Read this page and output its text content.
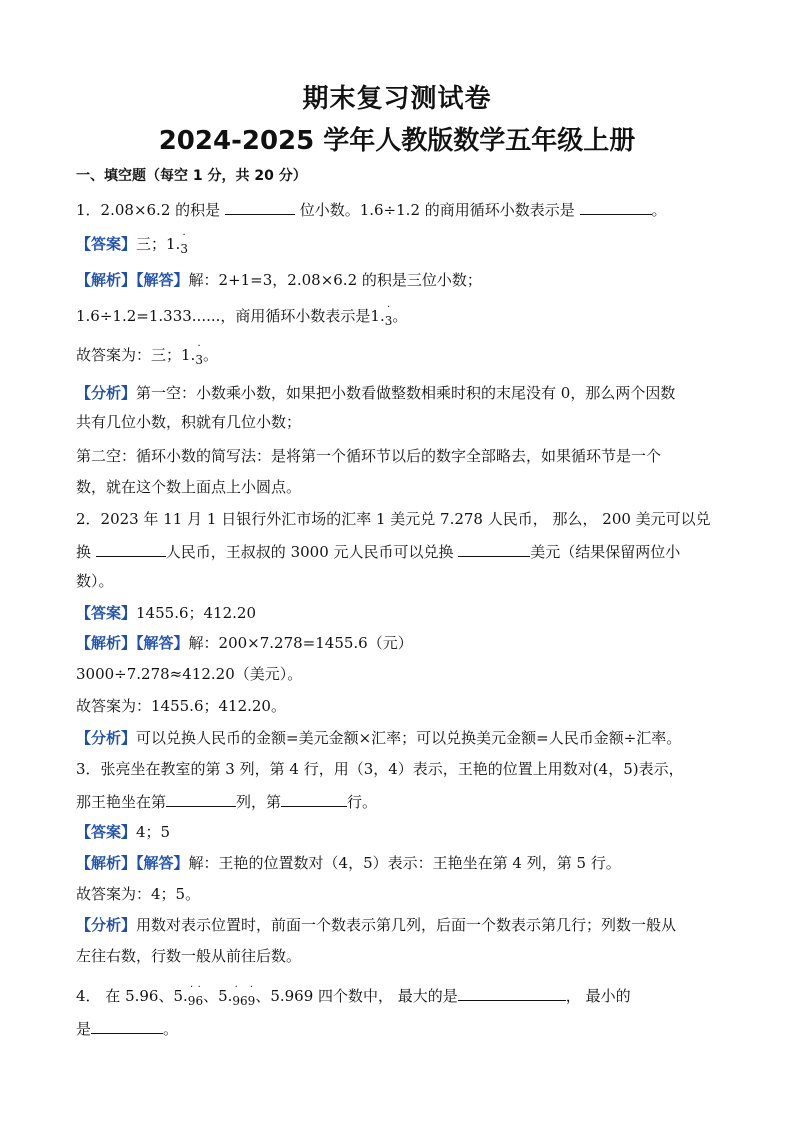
期末复习测试卷
2024-2025 学年人教版数学五年级上册
一、填空题（每空 1 分，共 20 分）
1．2.08×6.2 的积是	位小数。1.6÷1.2 的商用循环小数表示是	。
【答案】三；1. ·
3
【解析】【解答】解：2+1=3，2.08×6.2 的积是三位小数；
1.6÷1.2=1.333......，商用循环小数表示是1. ·
3。
故答案为：三；1. ·
3。
【分析】第一空：小数乘小数，如果把小数看做整数相乘时积的末尾没有 0，那么两个因数
共有几位小数，积就有几位小数；
第二空：循环小数的简写法：是将第一个循环节以后的数字全部略去，如果循环节是一个
数，就在这个数上面点上小圆点。
2．2023 年 11 月 1 日银行外汇市场的汇率 1 美元兑 7.278 人民币， 那么， 200 美元可以兑
换	人民币，王叔叔的 3000 元人民币可以兑换	美元（结果保留两位小
数）。
【答案】1455.6；412.20
【解析】【解答】解：200×7.278=1455.6（元）
3000÷7.278≈412.20（美元）。
故答案为：1455.6；412.20。
【分析】可以兑换人民币的金额=美元金额×汇率；可以兑换美元金额=人民币金额÷汇率。
3．张亮坐在教室的第 3 列，第 4 行，用（3，4）表示，王艳的位置上用数对(4，5)表示，
那王艳坐在第	列，第	行。
【答案】4；5
【解析】【解答】解：王艳的位置数对（4，5）表示：王艳坐在第 4 列，第 5 行。
故答案为：4；5。
【分析】用数对表示位置时，前面一个数表示第几列，后面一个数表示第几行；列数一般从
左往右数，行数一般从前往后数。
4． 在 5.96、5. ·
9
·
6、5. ·
$9_6$
·
9、5.969 四个数中， 最大的是	， 最小的
是	。
